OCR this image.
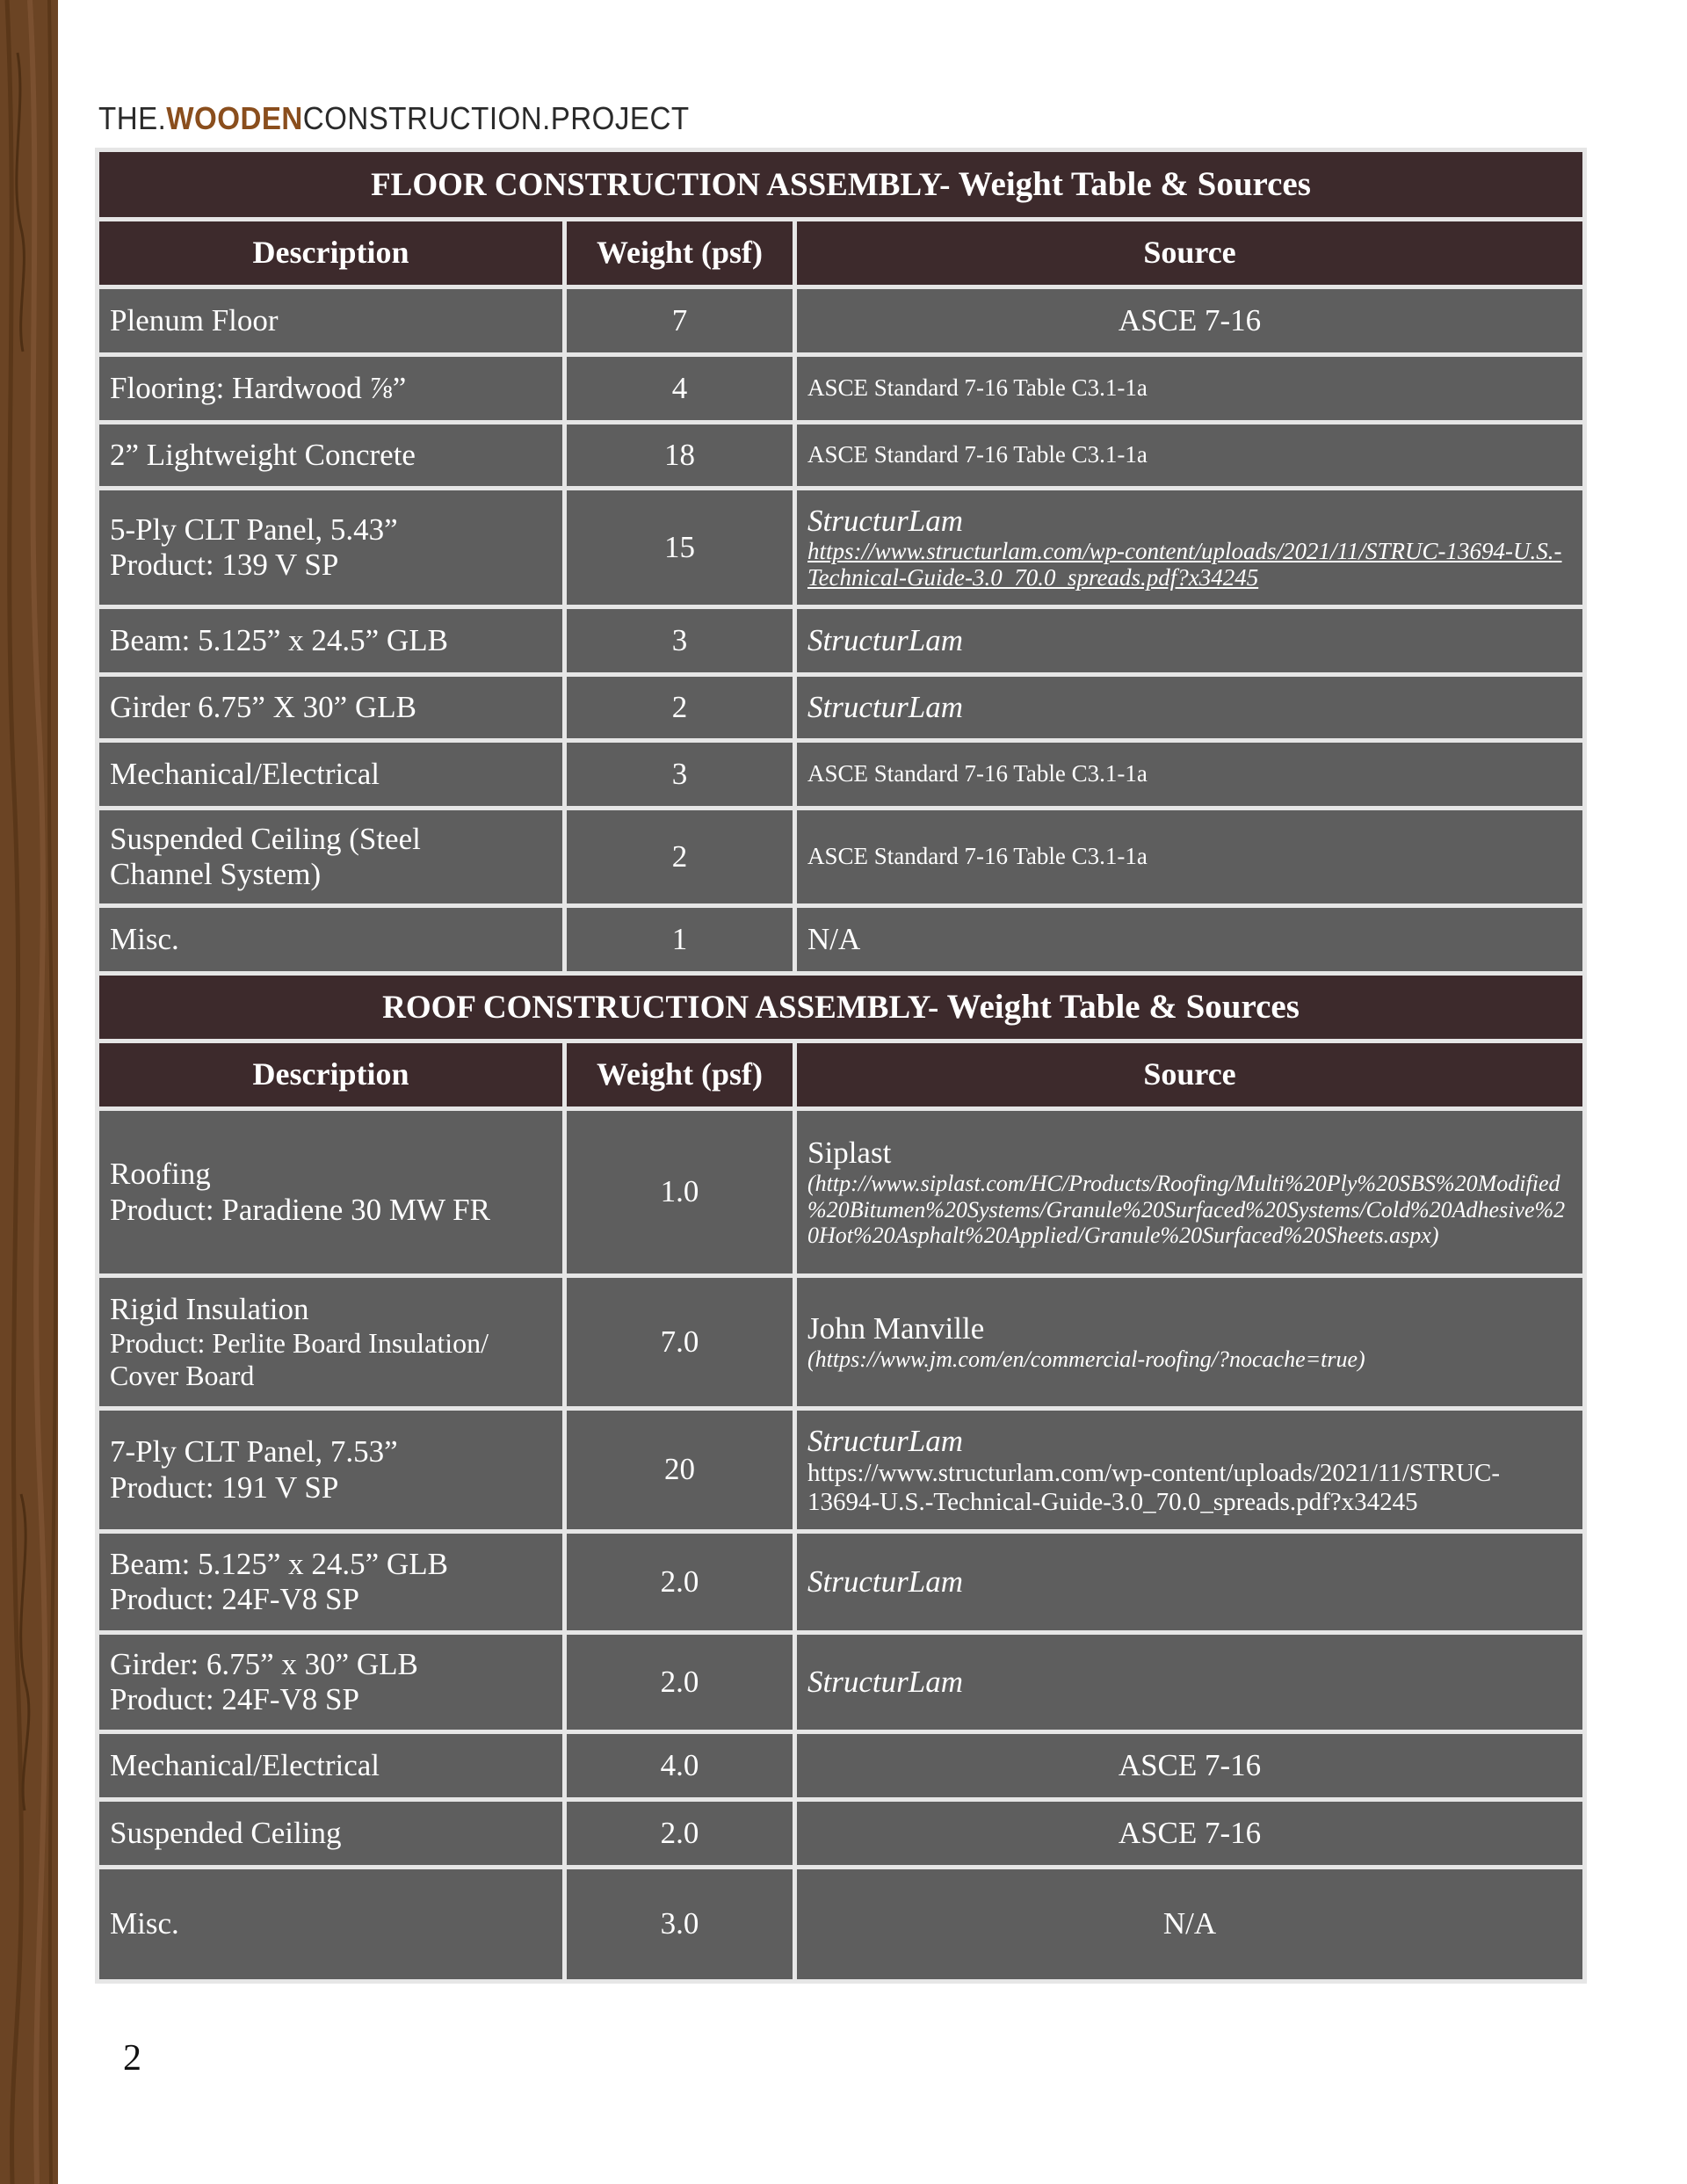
THE.WOODENCONSTRUCTION.PROJECT
FLOOR CONSTRUCTION ASSEMBLY- Weight Table & Sources		
Description	Weight (psf)	Source

Plenum Floor	7	ASCE 7-16

Flooring: Hardwood ⅞”	4	ASCE Standard 7-16 Table C3.1-1a

2” Lightweight Concrete	18	ASCE Standard 7-16 Table C3.1-1a

5-Ply CLT Panel, 5.43”
Product: 139 V SP	15	StructurLam
https://www.structurlam.com/wp-content/uploads/2021/11/STRUC-13694-U.S.-Technical-Guide-3.0_70.0_spreads.pdf?x34245

Beam: 5.125” x 24.5” GLB	3	StructurLam

Girder 6.75” X 30” GLB	2	StructurLam

Mechanical/Electrical	3	ASCE Standard 7-16 Table C3.1-1a

Suspended Ceiling (Steel
Channel System)	2	ASCE Standard 7-16 Table C3.1-1a

Misc.	1	N/A

ROOF CONSTRUCTION ASSEMBLY- Weight Table & Sources		
Description	Weight (psf)	Source

Roofing
Product: Paradiene 30 MW FR	1.0	Siplast
(http://www.siplast.com/HC/Products/Roofing/Multi%20Ply%20SBS%20Modified%20Bitumen%20Systems/Granule%20Surfaced%20Systems/Cold%20Adhesive%20Hot%20Asphalt%20Applied/Granule%20Surfaced%20Sheets.aspx)

Rigid Insulation
Product: Perlite Board Insulation/
Cover Board	7.0	John Manville
(https://www.jm.com/en/commercial-roofing/?nocache=true)

7-Ply CLT Panel, 7.53”
Product: 191 V SP	20	StructurLam
https://www.structurlam.com/wp-content/uploads/2021/11/STRUC-13694-U.S.-Technical-Guide-3.0_70.0_spreads.pdf?x34245

Beam: 5.125” x 24.5” GLB
Product: 24F-V8 SP	2.0	StructurLam

Girder: 6.75” x 30” GLB
Product: 24F-V8 SP	2.0	StructurLam

Mechanical/Electrical	4.0	ASCE 7-16

Suspended Ceiling	2.0	ASCE 7-16

Misc.	3.0	N/A
2
